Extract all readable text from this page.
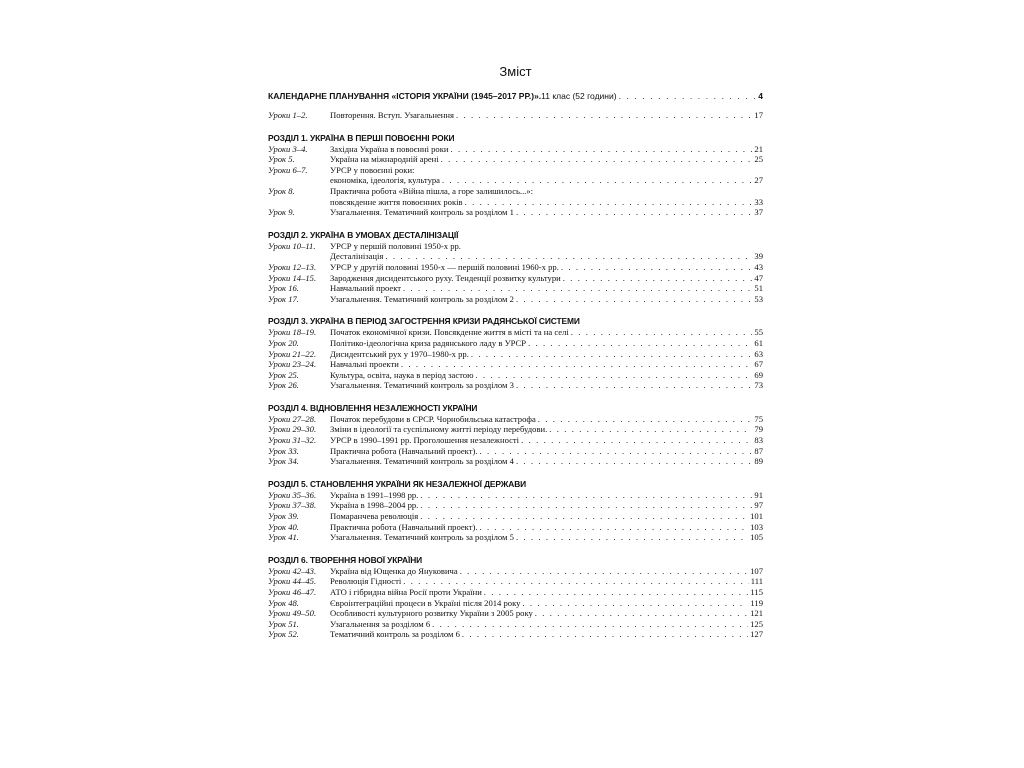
Зміст
КАЛЕНДАРНЕ ПЛАНУВАННЯ «ІСТОРІЯ УКРАЇНИ (1945–2017 РР.)». 11 клас (52 години) . . .	4
Уроки 1–2.	Повторення. Вступ. Узагальнення . . .	17
РОЗДІЛ 1. УКРАЇНА В ПЕРШІ ПОВОЄННІ РОКИ
Уроки 3–4.	Західна Україна в повоєнні роки . . .	21
Урок 5.	Україна на міжнародній арені . . .	25
Уроки 6–7.	УРСР у повоєнні роки:
економіка, ідеологія, культура . . .	27
Урок 8.	Практична робота «Війна пішла, а горе залишилось...»:
повсякденне життя повоєнних років . . .	33
Урок 9.	Узагальнення. Тематичний контроль за розділом 1 . . .	37
РОЗДІЛ 2. УКРАЇНА В УМОВАХ ДЕСТАЛІНІЗАЦІЇ
Уроки 10–11.	УРСР у першій половині 1950-х рр.
Десталінізація . . .	39
Уроки 12–13.	УРСР у другій половині 1950-х — першій половині 1960-х рр. . . .	43
Уроки 14–15.	Зародження дисидентського руху. Тенденції розвитку культури . . .	47
Урок 16.	Навчальний проект . . .	51
Урок 17.	Узагальнення. Тематичний контроль за розділом 2 . . .	53
РОЗДІЛ 3. УКРАЇНА В ПЕРІОД ЗАГОСТРЕННЯ КРИЗИ РАДЯНСЬКОЇ СИСТЕМИ
Уроки 18–19.	Початок економічної кризи. Повсякденне життя в місті та на селі . . .	55
Урок 20.	Політико-ідеологічна криза радянського ладу в УРСР . . .	61
Уроки 21–22.	Дисидентський рух у 1970–1980-х рр. . . .	63
Уроки 23–24.	Навчальні проекти . . .	67
Урок 25.	Культура, освіта, наука в період застою . . .	69
Урок 26.	Узагальнення. Тематичний контроль за розділом 3 . . .	73
РОЗДІЛ 4. ВІДНОВЛЕННЯ НЕЗАЛЕЖНОСТІ УКРАЇНИ
Уроки 27–28.	Початок перебудови в СРСР. Чорнобильська катастрофа . . .	75
Уроки 29–30.	Зміни в ідеології та суспільному житті періоду перебудови. . . .	79
Уроки 31–32.	УРСР в 1990–1991 рр. Проголошення незалежності . . .	83
Урок 33.	Практична робота (Навчальний проект). . . .	87
Урок 34.	Узагальнення. Тематичний контроль за розділом 4 . . .	89
РОЗДІЛ 5. СТАНОВЛЕННЯ УКРАЇНИ ЯК НЕЗАЛЕЖНОЇ ДЕРЖАВИ
Уроки 35–36.	Україна в 1991–1998 рр. . . .	91
Уроки 37–38.	Україна в 1998–2004 рр. . . .	97
Урок 39.	Помаранчева революція . . .	101
Урок 40.	Практична робота (Навчальний проект). . . .	103
Урок 41.	Узагальнення. Тематичний контроль за розділом 5 . . .	105
РОЗДІЛ 6. ТВОРЕННЯ НОВОЇ УКРАЇНИ
Уроки 42–43.	Україна від Ющенка до Януковича . . .	107
Уроки 44–45.	Революція Гідності . . .	111
Уроки 46–47.	АТО і гібридна війна Росії проти України . . .	115
Урок 48.	Євроінтеграційні процеси в Україні після 2014 року . . .	119
Уроки 49–50.	Особливості культурного розвитку України з 2005 року . . .	121
Урок 51.	Узагальнення за розділом 6 . . .	125
Урок 52.	Тематичний контроль за розділом 6 . . .	127
